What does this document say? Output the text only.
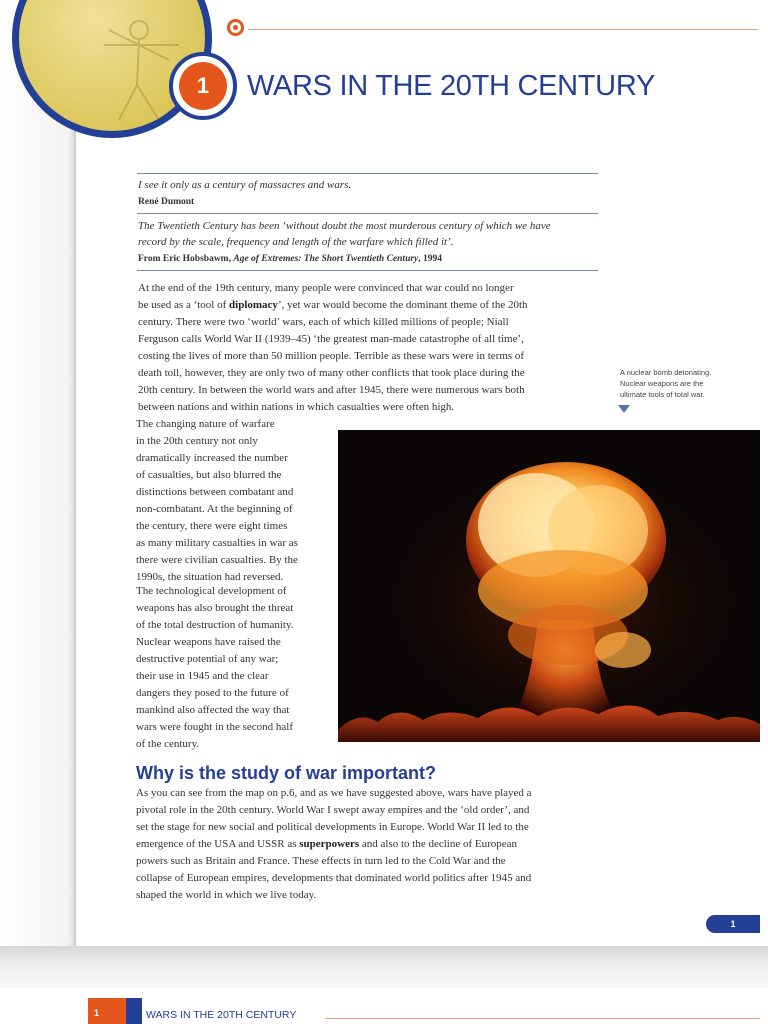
1	WARS IN THE 20TH CENTURY
I see it only as a century of massacres and wars.
René Dumont
The Twentieth Century has been ‘without doubt the most murderous century of which we have
record by the scale, frequency and length of the warfare which filled it’.
From Eric Hobsbawm, Age of Extremes: The Short Twentieth Century, 1994
At the end of the 19th century, many people were convinced that war could no longer
be used as a ‘tool of diplomacy’, yet war would become the dominant theme of the 20th
century. There were two ‘world’ wars, each of which killed millions of people; Niall
Ferguson calls World War II (1939–45) ‘the greatest man-made catastrophe of all time’,
costing the lives of more than 50 million people. Terrible as these wars were in terms of
death toll, however, they are only two of many other conflicts that took place during the
20th century. In between the world wars and after 1945, there were numerous wars both
between nations and within nations in which casualties were often high.
A nuclear bomb detonating.
Nuclear weapons are the
ultimate tools of total war.
The changing nature of warfare
in the 20th century not only
dramatically increased the number
of casualties, but also blurred the
distinctions between combatant and
non-combatant. At the beginning of
the century, there were eight times
as many military casualties in war as
there were civilian casualties. By the
1990s, the situation had reversed.
The technological development of
weapons has also brought the threat
of the total destruction of humanity.
Nuclear weapons have raised the
destructive potential of any war;
their use in 1945 and the clear
dangers they posed to the future of
mankind also affected the way that
wars were fought in the second half
of the century.
Why is the study of war important?
As you can see from the map on p.6, and as we have suggested above, wars have played a
pivotal role in the 20th century. World War I swept away empires and the ‘old order’, and
set the stage for new social and political developments in Europe. World War II led to the
emergence of the USA and USSR as superpowers and also to the decline of European
powers such as Britain and France. These effects in turn led to the Cold War and the
collapse of European empires, developments that dominated world politics after 1945 and
shaped the world in which we live today.
1
1	WARS IN THE 20TH CENTURY
